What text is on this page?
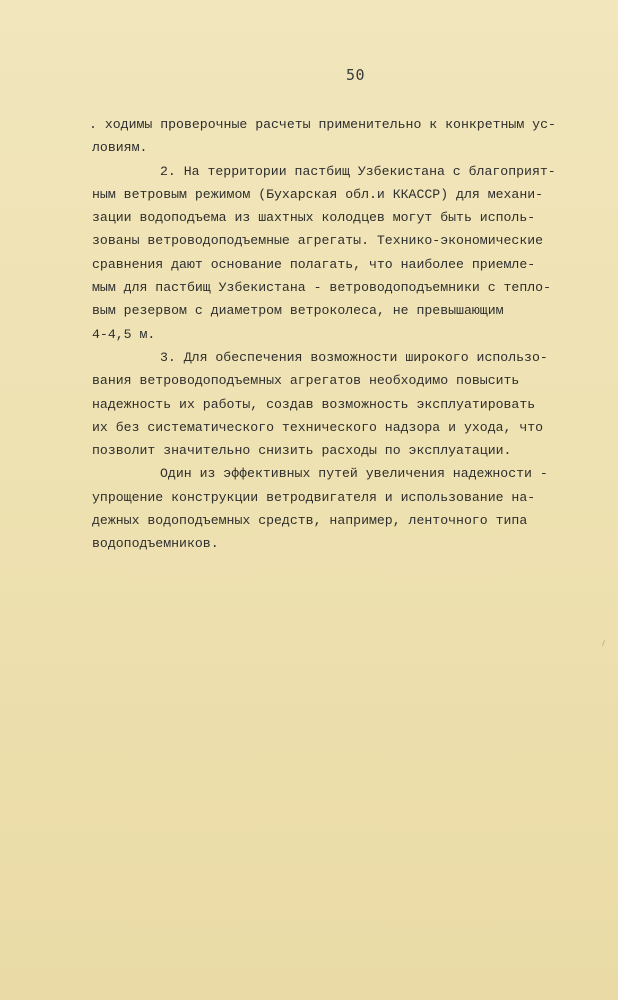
50
. ходимы проверочные расчеты применительно к конкретным ус-
ловиям.
2. На территории пастбищ Узбекистана с благоприят-
ным ветровым режимом (Бухарская обл.и ККАССР) для механи-
зации водоподъема из шахтных колодцев могут быть исполь-
зованы ветроводоподъемные агрегаты. Технико-экономические
сравнения дают основание полагать, что наиболее приемле-
мым для пастбищ Узбекистана - ветроводоподъемники с тепло-
вым резервом с диаметром ветроколеса, не превышающим
4-4,5 м.
3. Для обеспечения возможности широкого использо-
вания ветроводоподъемных агрегатов необходимо повысить
надежность их работы, создав возможность эксплуатировать
их без систематического технического надзора и ухода, что
позволит значительно снизить расходы по эксплуатации.
Один из эффективных путей увеличения надежности -
упрощение конструкции ветродвигателя и использование на-
дежных водоподъемных средств, например, ленточного типа
водоподъемников.
